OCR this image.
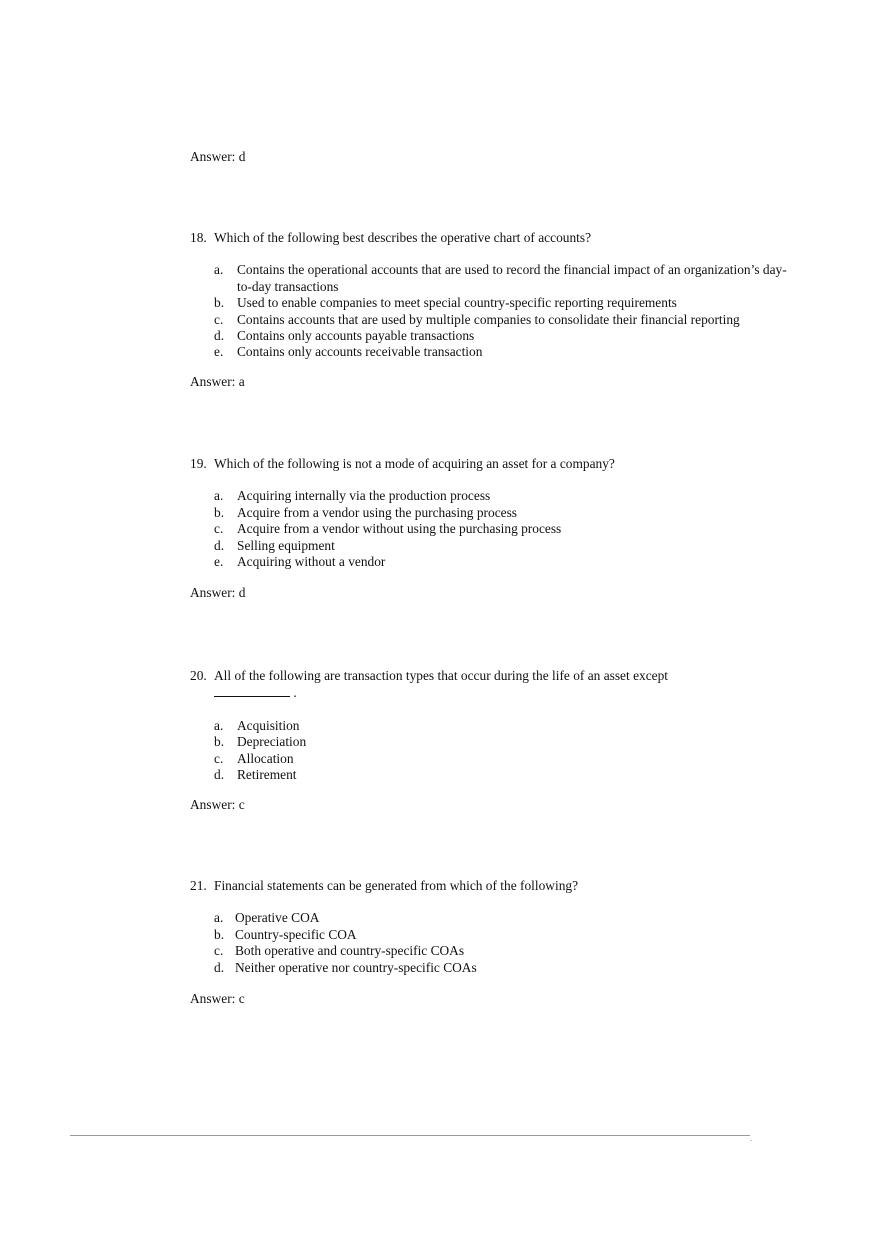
Answer: d
18. Which of the following best describes the operative chart of accounts?
a. Contains the operational accounts that are used to record the financial impact of an organization’s day-to-day transactions
b. Used to enable companies to meet special country-specific reporting requirements
c. Contains accounts that are used by multiple companies to consolidate their financial reporting
d. Contains only accounts payable transactions
e. Contains only accounts receivable transaction
Answer: a
19. Which of the following is not a mode of acquiring an asset for a company?
a. Acquiring internally via the production process
b. Acquire from a vendor using the purchasing process
c. Acquire from a vendor without using the purchasing process
d. Selling equipment
e. Acquiring without a vendor
Answer: d
20. All of the following are transaction types that occur during the life of an asset except
.
a. Acquisition
b. Depreciation
c. Allocation
d. Retirement
Answer: c
21. Financial statements can be generated from which of the following?
a. Operative COA
b. Country-specific COA
c. Both operative and country-specific COAs
d. Neither operative nor country-specific COAs
Answer: c
.
